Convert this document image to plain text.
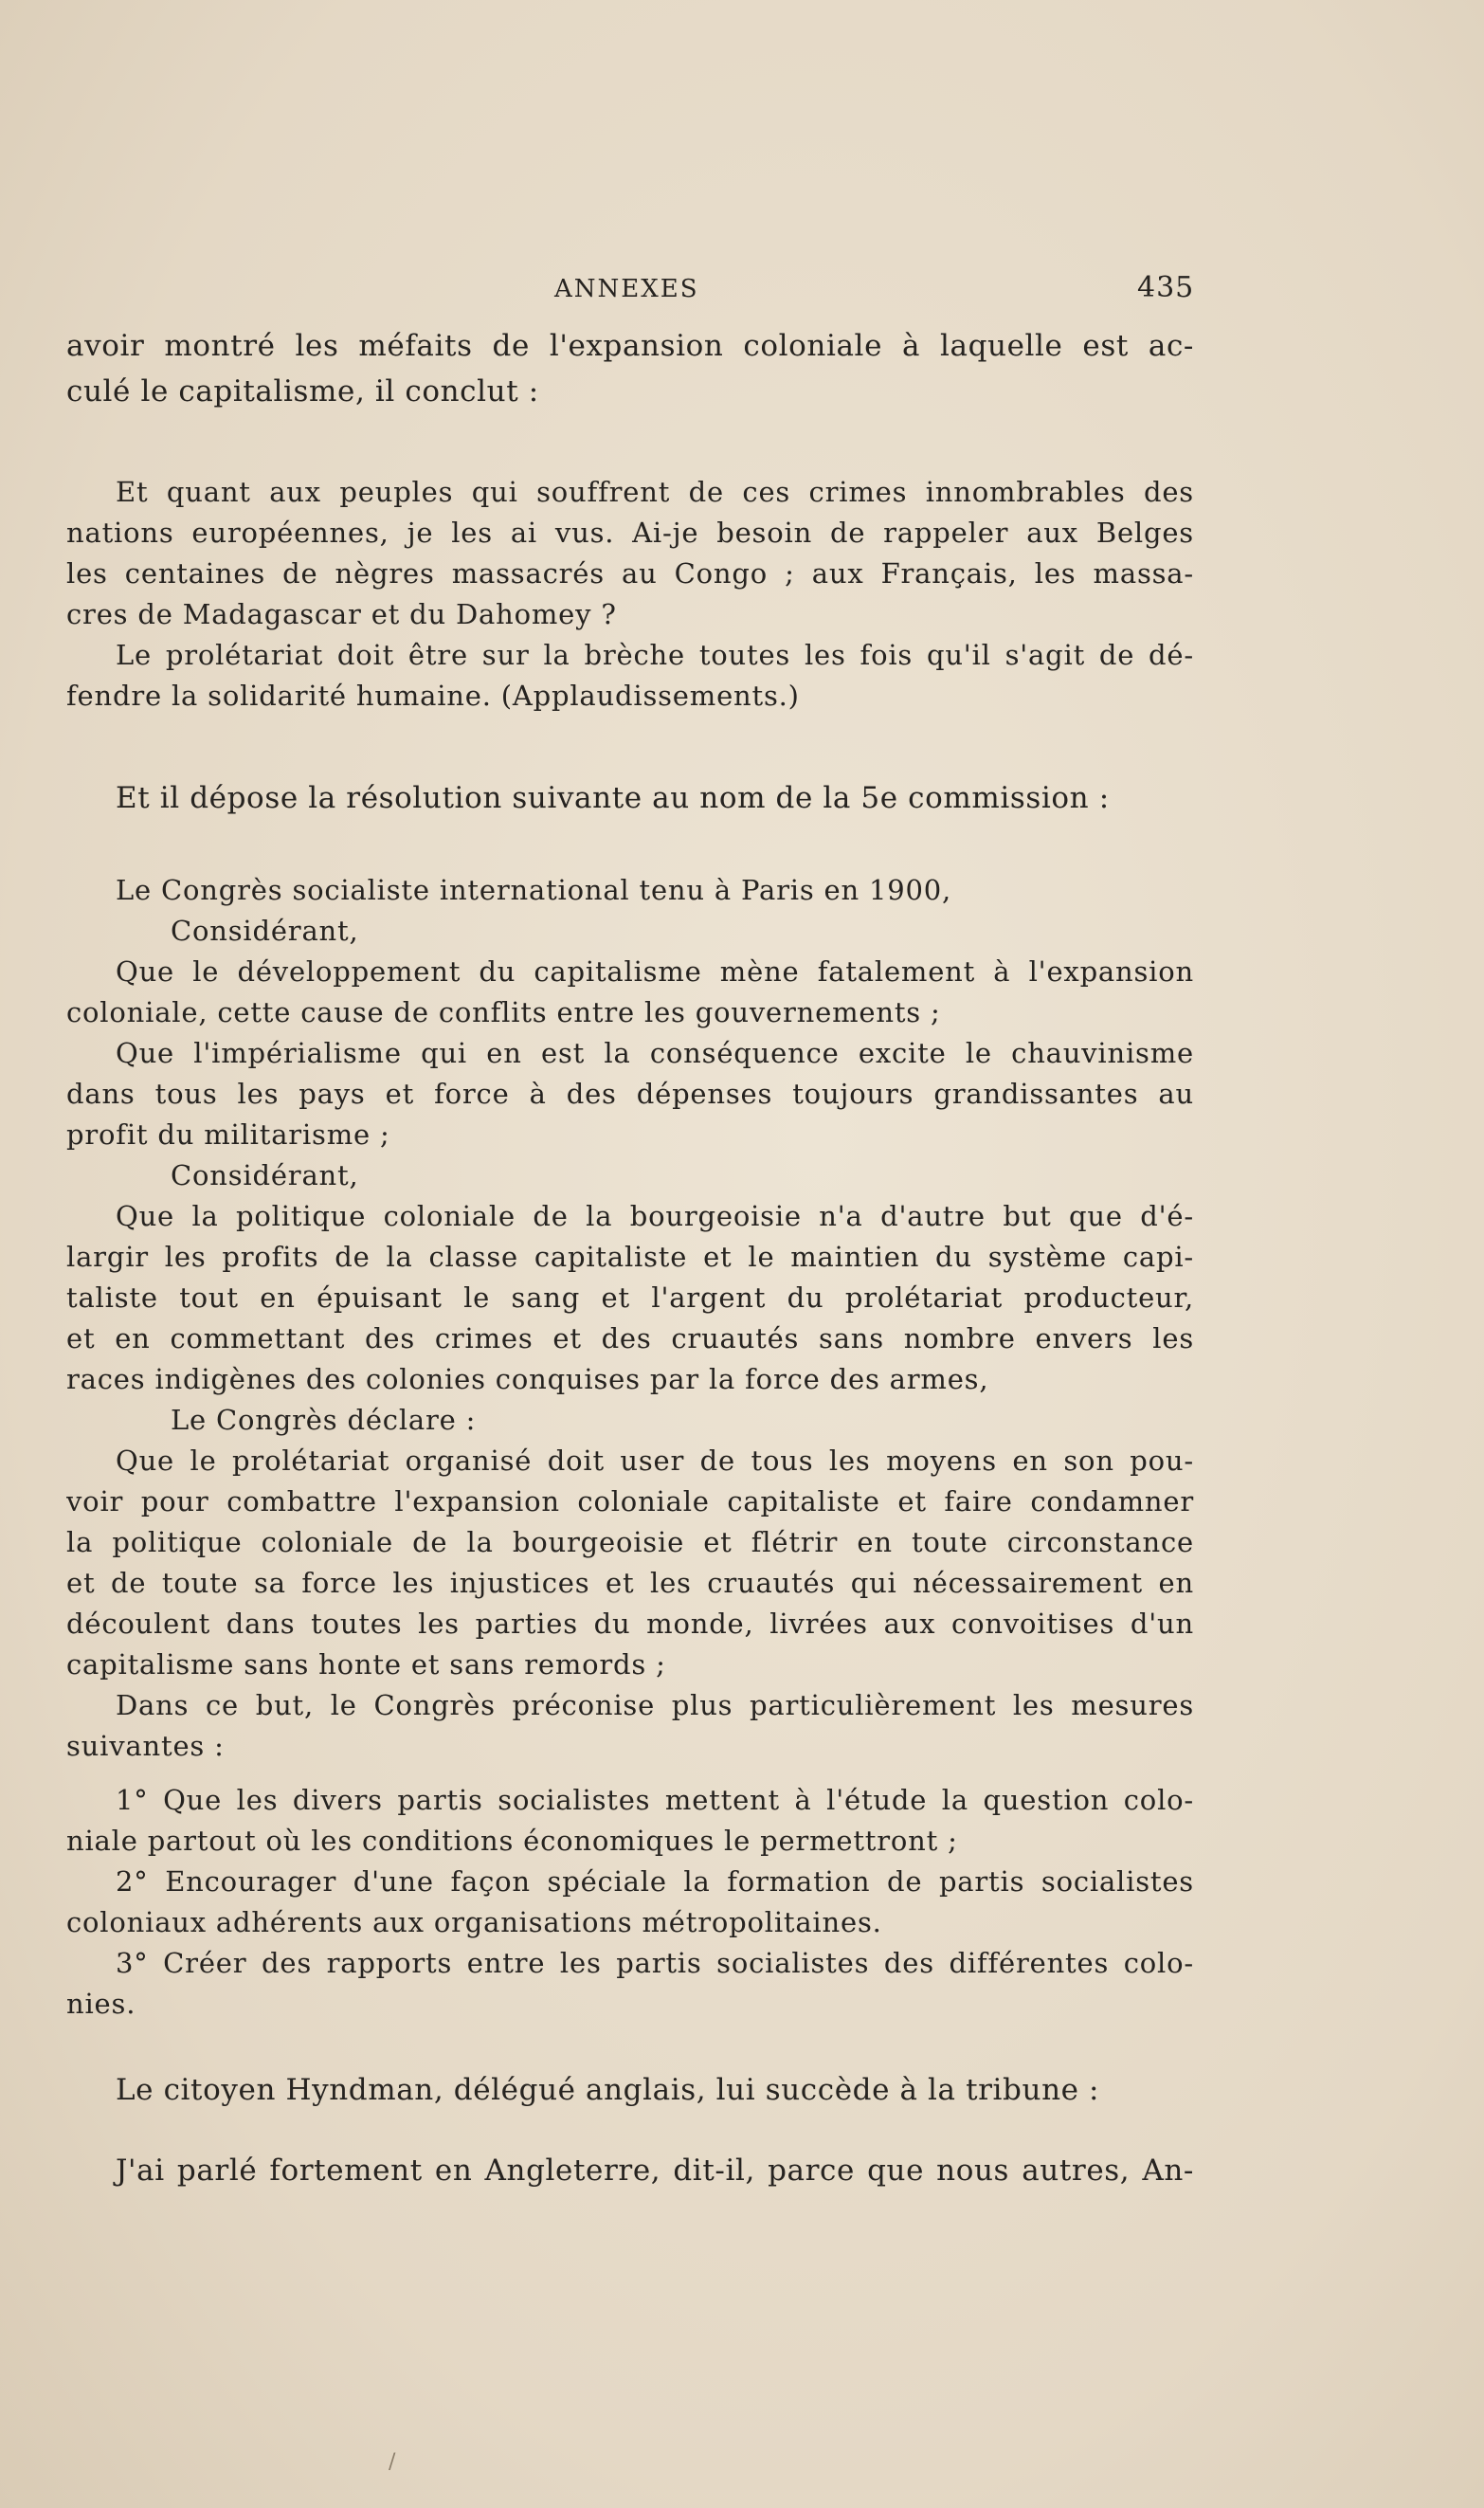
ANNEXES	435
avoir montré les méfaits de l'expansion coloniale à laquelle est ac-
culé le capitalisme, il conclut :
Et quant aux peuples qui souffrent de ces crimes innombrables des
nations européennes, je les ai vus. Ai-je besoin de rappeler aux Belges
les centaines de nègres massacrés au Congo ; aux Français, les massa-
cres de Madagascar et du Dahomey ?
Le prolétariat doit être sur la brèche toutes les fois qu'il s'agit de dé-
fendre la solidarité humaine. (Applaudissements.)
Et il dépose la résolution suivante au nom de la 5e commission :
Le Congrès socialiste international tenu à Paris en 1900,
Considérant,
Que le développement du capitalisme mène fatalement à l'expansion
coloniale, cette cause de conflits entre les gouvernements ;
Que l'impérialisme qui en est la conséquence excite le chauvinisme
dans tous les pays et force à des dépenses toujours grandissantes au
profit du militarisme ;
Considérant,
Que la politique coloniale de la bourgeoisie n'a d'autre but que d'é-
largir les profits de la classe capitaliste et le maintien du système capi-
taliste tout en épuisant le sang et l'argent du prolétariat producteur,
et en commettant des crimes et des cruautés sans nombre envers les
races indigènes des colonies conquises par la force des armes,
Le Congrès déclare :
Que le prolétariat organisé doit user de tous les moyens en son pou-
voir pour combattre l'expansion coloniale capitaliste et faire condamner
la politique coloniale de la bourgeoisie et flétrir en toute circonstance
et de toute sa force les injustices et les cruautés qui nécessairement en
découlent dans toutes les parties du monde, livrées aux convoitises d'un
capitalisme sans honte et sans remords ;
Dans ce but, le Congrès préconise plus particulièrement les mesures
suivantes :
1° Que les divers partis socialistes mettent à l'étude la question colo-
niale partout où les conditions économiques le permettront ;
2° Encourager d'une façon spéciale la formation de partis socialistes
coloniaux adhérents aux organisations métropolitaines.
3° Créer des rapports entre les partis socialistes des différentes colo-
nies.
Le citoyen Hyndman, délégué anglais, lui succède à la tribune :
J'ai parlé fortement en Angleterre, dit-il, parce que nous autres, An-
/
